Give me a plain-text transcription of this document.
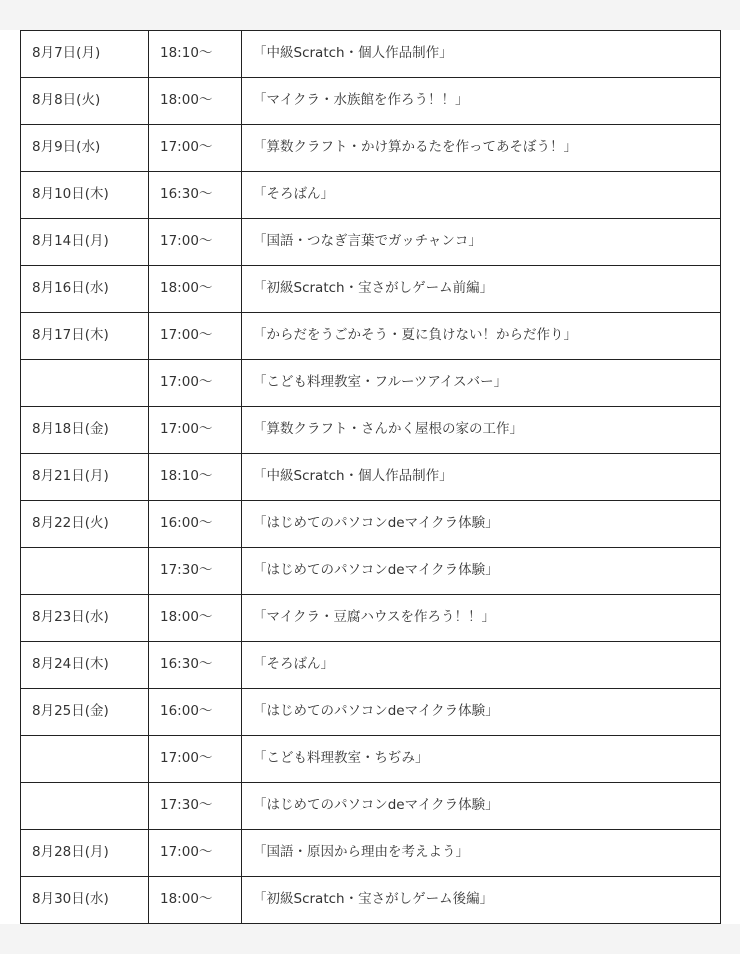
8月7日(月)	18:10〜	「中級Scratch・個人作品制作」
8月8日(火)	18:00〜	「マイクラ・水族館を作ろう！！」
8月9日(水)	17:00〜	「算数クラフト・かけ算かるたを作ってあそぼう！」
8月10日(木)	16:30〜	「そろばん」
8月14日(月)	17:00〜	「国語・つなぎ言葉でガッチャンコ」
8月16日(水)	18:00〜	「初級Scratch・宝さがしゲーム前編」
8月17日(木)	17:00〜	「からだをうごかそう・夏に負けない！からだ作り」
	17:00〜	「こども料理教室・フルーツアイスバー」
8月18日(金)	17:00〜	「算数クラフト・さんかく屋根の家の工作」
8月21日(月)	18:10〜	「中級Scratch・個人作品制作」
8月22日(火)	16:00〜	「はじめてのパソコンdeマイクラ体験」
	17:30〜	「はじめてのパソコンdeマイクラ体験」
8月23日(水)	18:00〜	「マイクラ・豆腐ハウスを作ろう！！」
8月24日(木)	16:30〜	「そろばん」
8月25日(金)	16:00〜	「はじめてのパソコンdeマイクラ体験」
	17:00〜	「こども料理教室・ちぢみ」
	17:30〜	「はじめてのパソコンdeマイクラ体験」
8月28日(月)	17:00〜	「国語・原因から理由を考えよう」
8月30日(水)	18:00〜	「初級Scratch・宝さがしゲーム後編」
